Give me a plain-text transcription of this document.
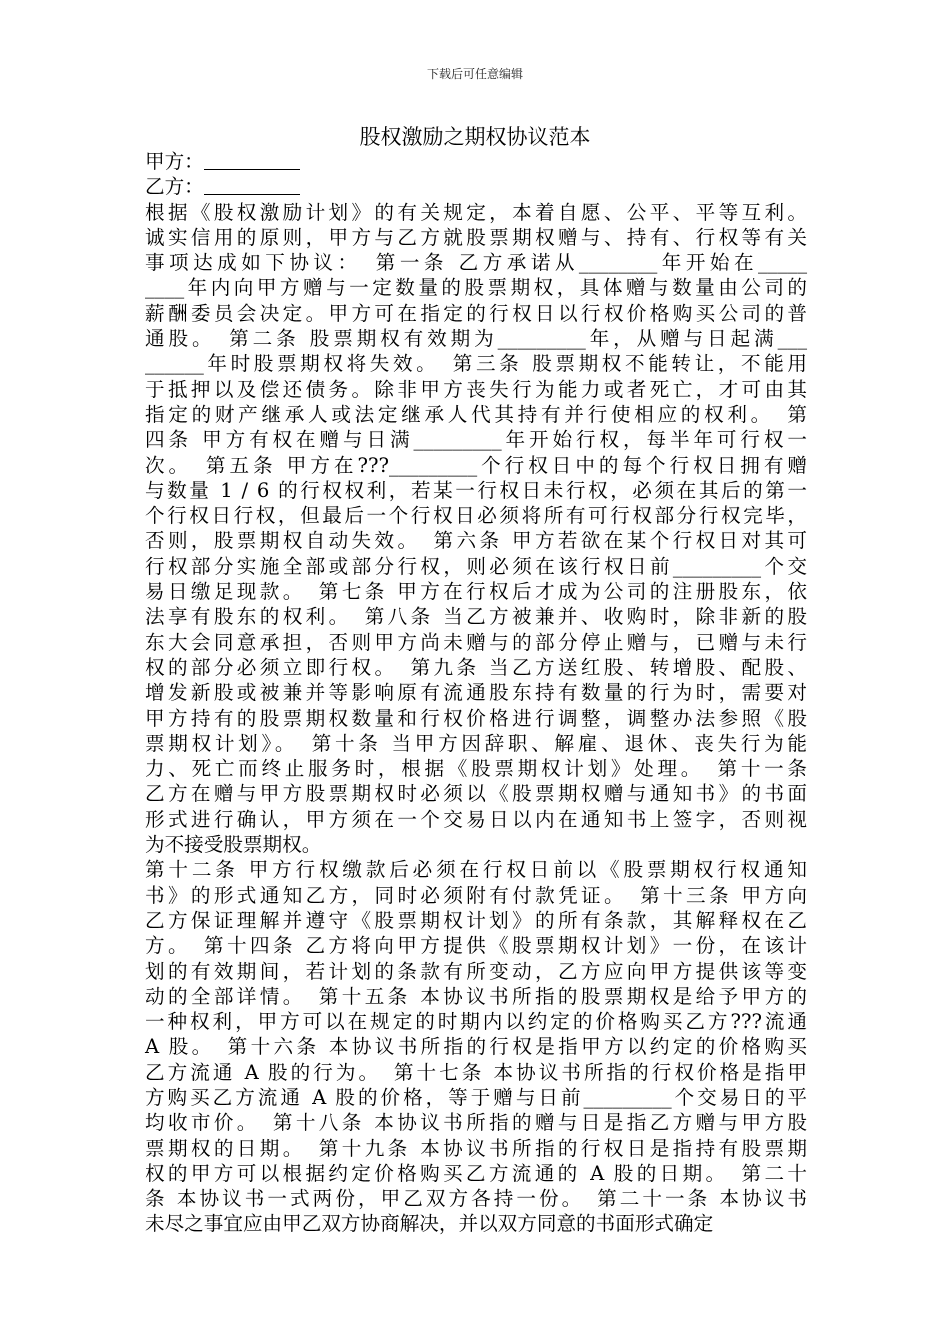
下载后可任意编辑
股权激励之期权协议范本

甲方：

乙方：

根据《股权激励计划》的有关规定，本着自愿、公平、平等互利。

诚实信用的原则，甲方与乙方就股票期权赠与、持有、行权等有关

事项达成如下协议：　第一条 乙方承诺从________年开始在_____

____年内向甲方赠与一定数量的股票期权，具体赠与数量由公司的

薪酬委员会决定。甲方可在指定的行权日以行权价格购买公司的普

通股。　第二条 股票期权有效期为_________年，从赠与日起满___

______年时股票期权将失效。　第三条 股票期权不能转让，不能用

于抵押以及偿还债务。除非甲方丧失行为能力或者死亡，才可由其

指定的财产继承人或法定继承人代其持有并行使相应的权利。　第

四条 甲方有权在赠与日满_________年开始行权，每半年可行权一

次。　第五条 甲方在???_________个行权日中的每个行权日拥有赠

与数量 1 / 6 的行权权利，若某一行权日未行权，必须在其后的第一

个行权日行权，但最后一个行权日必须将所有可行权部分行权完毕，

否则，股票期权自动失效。　第六条 甲方若欲在某个行权日对其可

行权部分实施全部或部分行权，则必须在该行权日前_________个交

易日缴足现款。　第七条 甲方在行权后才成为公司的注册股东，依

法享有股东的权利。　第八条 当乙方被兼并、收购时，除非新的股

东大会同意承担，否则甲方尚未赠与的部分停止赠与，已赠与未行

权的部分必须立即行权。　第九条 当乙方送红股、转增股、配股、

增发新股或被兼并等影响原有流通股东持有数量的行为时，需要对

甲方持有的股票期权数量和行权价格进行调整，调整办法参照《股

票期权计划》。　第十条 当甲方因辞职、解雇、退休、丧失行为能

力、死亡而终止服务时，根据《股票期权计划》处理。　第十一条

乙方在赠与甲方股票期权时必须以《股票期权赠与通知书》的书面

形式进行确认，甲方须在一个交易日以内在通知书上签字，否则视

为不接受股票期权。

第十二条 甲方行权缴款后必须在行权日前以《股票期权行权通知

书》的形式通知乙方，同时必须附有付款凭证。　第十三条 甲方向

乙方保证理解并遵守《股票期权计划》的所有条款，其解释权在乙

方。　第十四条 乙方将向甲方提供《股票期权计划》一份，在该计

划的有效期间，若计划的条款有所变动，乙方应向甲方提供该等变

动的全部详情。　第十五条 本协议书所指的股票期权是给予甲方的

一种权利，甲方可以在规定的时期内以约定的价格购买乙方???流通

A 股。　第十六条 本协议书所指的行权是指甲方以约定的价格购买

乙方流通 A 股的行为。　第十七条 本协议书所指的行权价格是指甲

方购买乙方流通 A 股的价格，等于赠与日前_________个交易日的平

均收市价。　第十八条 本协议书所指的赠与日是指乙方赠与甲方股

票期权的日期。　第十九条 本协议书所指的行权日是指持有股票期

权的甲方可以根据约定价格购买乙方流通的 A 股的日期。　第二十

条 本协议书一式两份，甲乙双方各持一份。　第二十一条 本协议书

未尽之事宜应由甲乙双方协商解决，并以双方同意的书面形式确定
